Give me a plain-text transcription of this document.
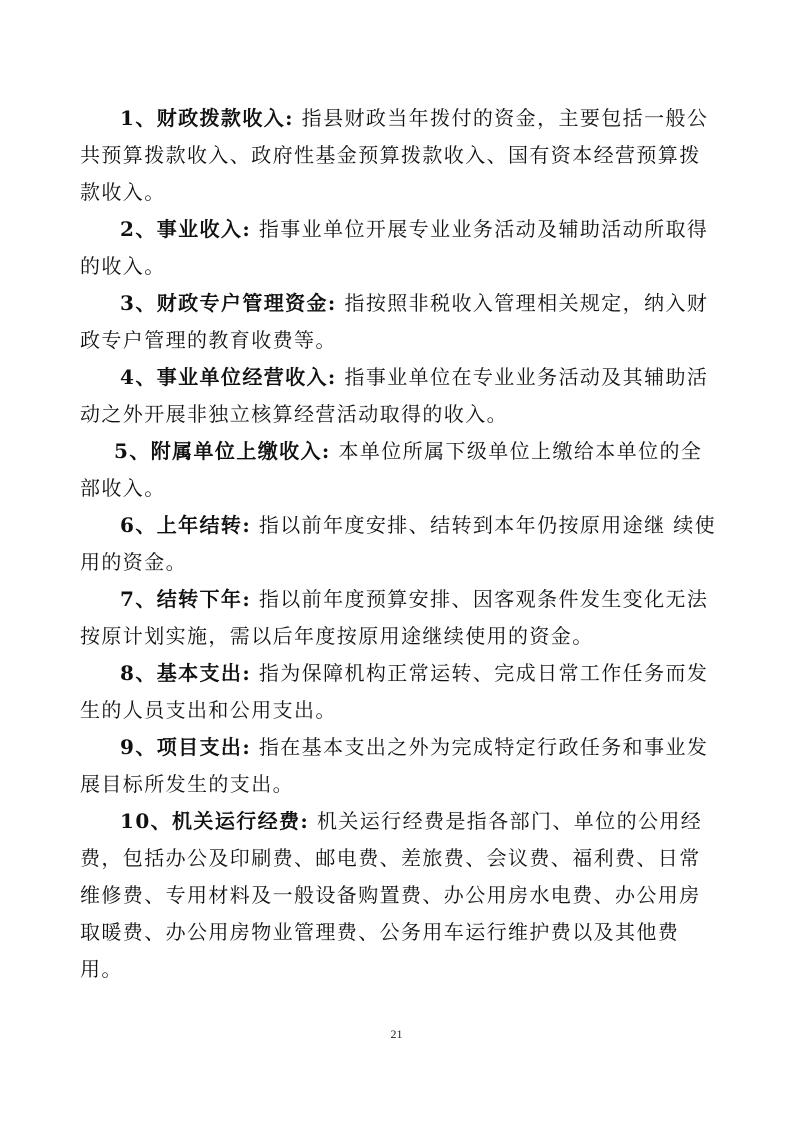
1、财政拨款收入: 指县财政当年拨付的资金，主要包括一般公共预算拨款收入、政府性基金预算拨款收入、国有资本经营预算拨款收入。

2、事业收入: 指事业单位开展专业业务活动及辅助活动所取得的收入。

3、财政专户管理资金: 指按照非税收入管理相关规定，纳入财政专户管理的教育收费等。

4、事业单位经营收入: 指事业单位在专业业务活动及其辅助活动之外开展非独立核算经营活动取得的收入。

5、附属单位上缴收入: 本单位所属下级单位上缴给本单位的全部收入。

6、上年结转: 指以前年度安排、结转到本年仍按原用途继 续使用的资金。

7、结转下年: 指以前年度预算安排、因客观条件发生变化无法按原计划实施，需以后年度按原用途继续使用的资金。

8、基本支出: 指为保障机构正常运转、完成日常工作任务而发生的人员支出和公用支出。

9、项目支出: 指在基本支出之外为完成特定行政任务和事业发展目标所发生的支出。

10、机关运行经费: 机关运行经费是指各部门、单位的公用经费，包括办公及印刷费、邮电费、差旅费、会议费、福利费、日常维修费、专用材料及一般设备购置费、办公用房水电费、办公用房取暖费、办公用房物业管理费、公务用车运行维护费以及其他费用。

21
